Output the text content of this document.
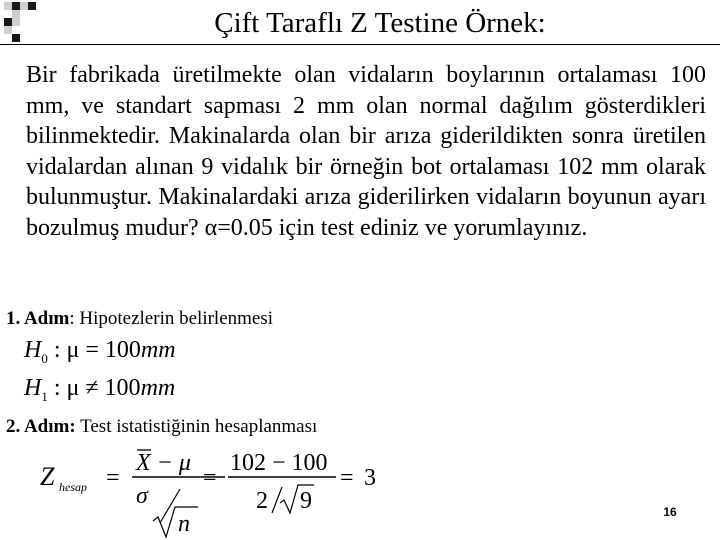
Çift Taraflı Z Testine Örnek:
Bir fabrikada üretilmekte olan vidaların boylarının ortalaması 100 mm, ve standart sapması 2 mm olan normal dağılım gösterdikleri bilinmektedir. Makinalarda olan bir arıza giderildikten sonra üretilen vidalardan alınan 9 vidalık bir örneğin bot ortalaması 102 mm olarak bulunmuştur. Makinalardaki arıza giderilirken vidaların boyunun ayarı bozulmuş mudur? α=0.05 için test ediniz ve yorumlayınız.
1. Adım: Hipotezlerin belirlenmesi
$H_0$ : μ = 100mm
$H_1$ : μ ≠ 100mm
2. Adım: Test istatistiğinin hesaplanması
Z hesap =
X − μ
σ
n
=
102 − 100
2 9
= 3
16
